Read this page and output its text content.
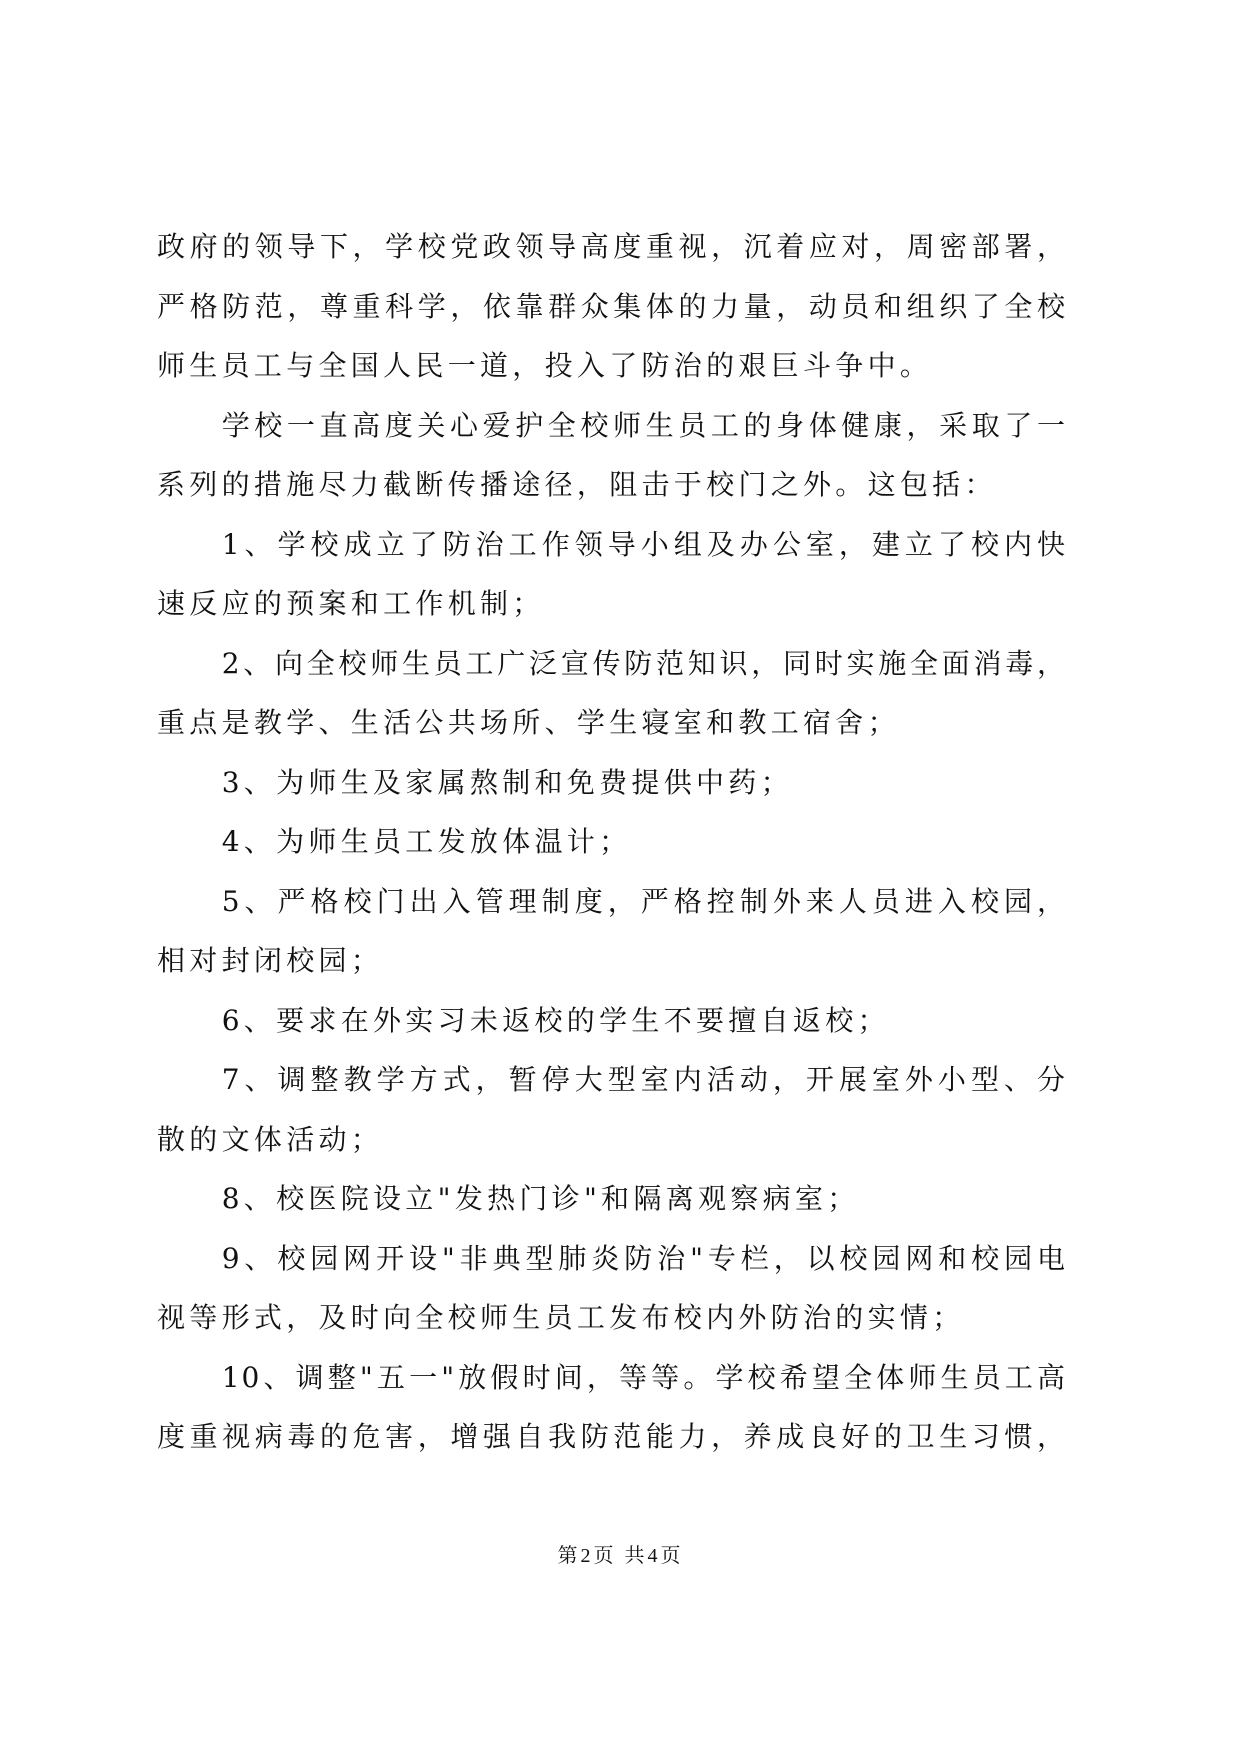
政府的领导下，学校党政领导高度重视，沉着应对，周密部署，
严格防范，尊重科学，依靠群众集体的力量，动员和组织了全校
师生员工与全国人民一道，投入了防治的艰巨斗争中。
学校一直高度关心爱护全校师生员工的身体健康，采取了一
系列的措施尽力截断传播途径，阻击于校门之外。这包括：
1、学校成立了防治工作领导小组及办公室，建立了校内快
速反应的预案和工作机制；
2、向全校师生员工广泛宣传防范知识，同时实施全面消毒，
重点是教学、生活公共场所、学生寝室和教工宿舍；
3、为师生及家属熬制和免费提供中药；
4、为师生员工发放体温计；
5、严格校门出入管理制度，严格控制外来人员进入校园，
相对封闭校园；
6、要求在外实习未返校的学生不要擅自返校；
7、调整教学方式，暂停大型室内活动，开展室外小型、分
散的文体活动；
8、校医院设立"发热门诊"和隔离观察病室；
9、校园网开设"非典型肺炎防治"专栏，以校园网和校园电
视等形式，及时向全校师生员工发布校内外防治的实情；
10、调整"五一"放假时间，等等。学校希望全体师生员工高
度重视病毒的危害，增强自我防范能力，养成良好的卫生习惯，
第2页 共4页
